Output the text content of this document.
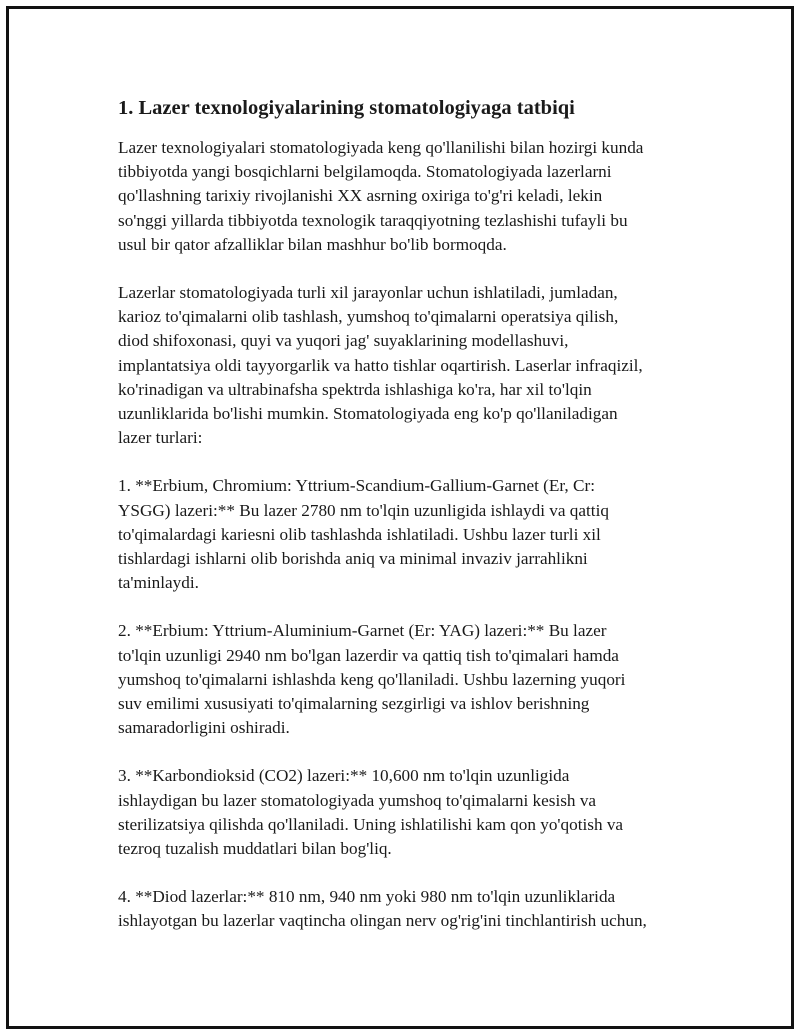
1. Lazer texnologiyalarining stomatologiyaga tatbiqi

Lazer texnologiyalari stomatologiyada keng qo'llanilishi bilan hozirgi kunda
tibbiyotda yangi bosqichlarni belgilamoqda. Stomatologiyada lazerlarni
qo'llashning tarixiy rivojlanishi XX asrning oxiriga to'g'ri keladi, lekin
so'nggi yillarda tibbiyotda texnologik taraqqiyotning tezlashishi tufayli bu
usul bir qator afzalliklar bilan mashhur bo'lib bormoqda.

Lazerlar stomatologiyada turli xil jarayonlar uchun ishlatiladi, jumladan,
karioz to'qimalarni olib tashlash, yumshoq to'qimalarni operatsiya qilish,
diod shifoxonasi, quyi va yuqori jag' suyaklarining modellashuvi,
implantatsiya oldi tayyorgarlik va hatto tishlar oqartirish. Laserlar infraqizil,
ko'rinadigan va ultrabinafsha spektrda ishlashiga ko'ra, har xil to'lqin
uzunliklarida bo'lishi mumkin. Stomatologiyada eng ko'p qo'llaniladigan
lazer turlari:

1. **Erbium, Chromium: Yttrium-Scandium-Gallium-Garnet (Er, Cr:
YSGG) lazeri:** Bu lazer 2780 nm to'lqin uzunligida ishlaydi va qattiq
to'qimalardagi kariesni olib tashlashda ishlatiladi. Ushbu lazer turli xil
tishlardagi ishlarni olib borishda aniq va minimal invaziv jarrahlikni
ta'minlaydi.

2. **Erbium: Yttrium-Aluminium-Garnet (Er: YAG) lazeri:** Bu lazer
to'lqin uzunligi 2940 nm bo'lgan lazerdir va qattiq tish to'qimalari hamda
yumshoq to'qimalarni ishlashda keng qo'llaniladi. Ushbu lazerning yuqori
suv emilimi xususiyati to'qimalarning sezgirligi va ishlov berishning
samaradorligini oshiradi.

3. **Karbondioksid (CO2) lazeri:** 10,600 nm to'lqin uzunligida
ishlaydigan bu lazer stomatologiyada yumshoq to'qimalarni kesish va
sterilizatsiya qilishda qo'llaniladi. Uning ishlatilishi kam qon yo'qotish va
tezroq tuzalish muddatlari bilan bog'liq.

4. **Diod lazerlar:** 810 nm, 940 nm yoki 980 nm to'lqin uzunliklarida
ishlayotgan bu lazerlar vaqtincha olingan nerv og'rig'ini tinchlantirish uchun,
